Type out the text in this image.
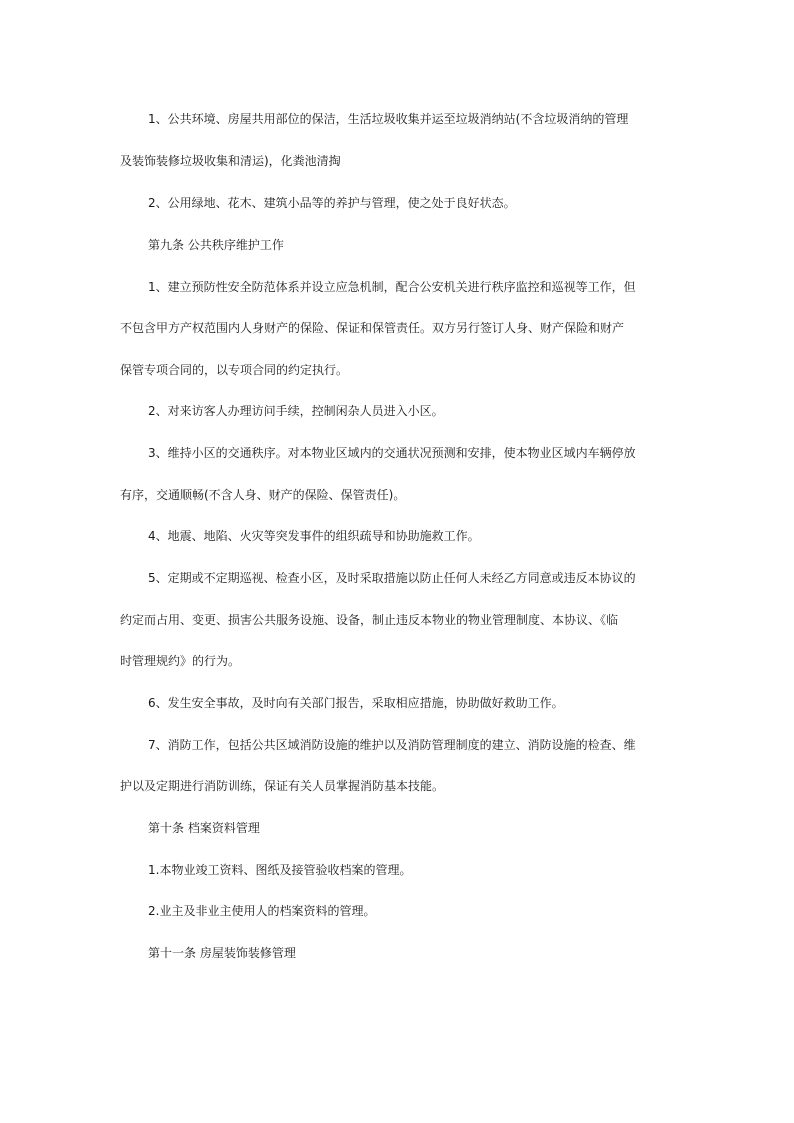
1、公共环境、房屋共用部位的保洁，生活垃圾收集并运至垃圾消纳站(不含垃圾消纳的管理
及装饰装修垃圾收集和清运)，化粪池清掏
2、公用绿地、花木、建筑小品等的养护与管理，使之处于良好状态。
第九条 公共秩序维护工作
1、建立预防性安全防范体系并设立应急机制，配合公安机关进行秩序监控和巡视等工作，但
不包含甲方产权范围内人身财产的保险、保证和保管责任。双方另行签订人身、财产保险和财产
保管专项合同的，以专项合同的约定执行。
2、对来访客人办理访问手续，控制闲杂人员进入小区。
3、维持小区的交通秩序。对本物业区域内的交通状况预测和安排，使本物业区域内车辆停放
有序，交通顺畅(不含人身、财产的保险、保管责任)。
4、地震、地陷、火灾等突发事件的组织疏导和协助施救工作。
5、定期或不定期巡视、检查小区，及时采取措施以防止任何人未经乙方同意或违反本协议的
约定而占用、变更、损害公共服务设施、设备，制止违反本物业的物业管理制度、本协议、《临
时管理规约》的行为。
6、发生安全事故，及时向有关部门报告，采取相应措施，协助做好救助工作。
7、消防工作，包括公共区域消防设施的维护以及消防管理制度的建立、消防设施的检查、维
护以及定期进行消防训练，保证有关人员掌握消防基本技能。
第十条 档案资料管理
1.本物业竣工资料、图纸及接管验收档案的管理。
2.业主及非业主使用人的档案资料的管理。
第十一条 房屋装饰装修管理
